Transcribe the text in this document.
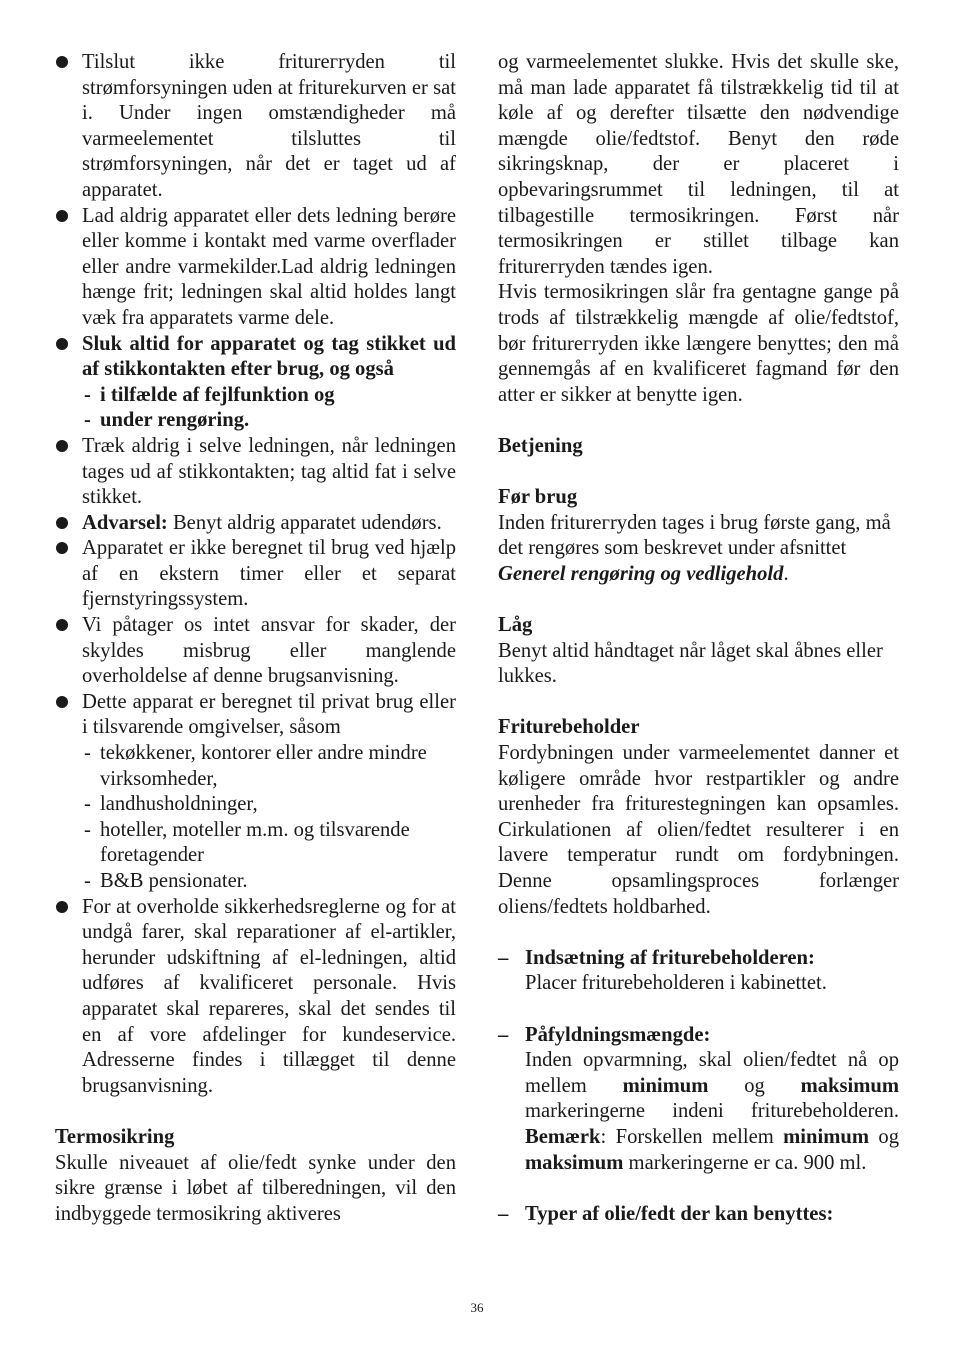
Tilslut ikke friturегryden til strømforsyningen uden at friturekurven er sat i. Under ingen omstændigheder må varmeelementet tilsluttes til strømforsyningen, når det er taget ud af apparatet.

Lad aldrig apparatet eller dets ledning berøre eller komme i kontakt med varme overflader eller andre varmekilder.Lad aldrig ledningen hænge frit; ledningen skal altid holdes langt væk fra apparatets varme dele.

Sluk altid for apparatet og tag stikket ud af stikkontakten efter brug, og også

- i tilfælde af fejlfunktion og

- under rengøring.

Træk aldrig i selve ledningen, når ledningen tages ud af stikkontakten; tag altid fat i selve stikket.

Advarsel: Benyt aldrig apparatet udendørs.

Apparatet er ikke beregnet til brug ved hjælp af en ekstern timer eller et separat fjernstyringssystem.

Vi påtager os intet ansvar for skader, der skyldes misbrug eller manglende overholdelse af denne brugsanvisning.

Dette apparat er beregnet til privat brug eller i tilsvarende omgivelser, såsom

- tekøkkener, kontorer eller andre mindre virksomheder,

- landhusholdninger,

- hoteller, moteller m.m. og tilsvarende foretagender

- B&B pensionater.

For at overholde sikkerhedsreglerne og for at undgå farer, skal reparationer af el-artikler, herunder udskiftning af el-ledningen, altid udføres af kvalificeret personale. Hvis apparatet skal repareres, skal det sendes til en af vore afdelinger for kundeservice. Adresserne findes i tillægget til denne brugsanvisning.

Termosikring

Skulle niveauet af olie/fedt synke under den sikre grænse i løbet af tilberedningen, vil den indbyggede termosikring aktiveres

og varmeelementet slukke. Hvis det skulle ske, må man lade apparatet få tilstrækkelig tid til at køle af og derefter tilsætte den nødvendige mængde olie/fedtstof. Benyt den røde sikringsknap, der er placeret i opbevaringsrummet til ledningen, til at tilbagestille termosikringen. Først når termosikringen er stillet tilbage kan friturегryden tændes igen.

Hvis termosikringen slår fra gentagne gange på trods af tilstrækkelig mængde af olie/fedtstof, bør friturегryden ikke længere benyttes; den må gennemgås af en kvalificeret fagmand før den atter er sikker at benytte igen.

Betjening

Før brug

Inden friturегryden tages i brug første gang, må det rengøres som beskrevet under afsnittet Generel rengøring og vedligehold.

Låg

Benyt altid håndtaget når låget skal åbnes eller lukkes.

Friturebeholder

Fordybningen under varmeelementet danner et køligere område hvor restpartikler og andre urenheder fra friturestegningen kan opsamles. Cirkulationen af olien/fedtet resulterer i en lavere temperatur rundt om fordybningen. Denne opsamlingsproces forlænger oliens/fedtets holdbarhed.

– Indsætning af friturebeholderen:

Placer friturebeholderen i kabinettet.

– Påfyldningsmængde:

Inden opvarmning, skal olien/fedtet nå op mellem minimum og maksimum markeringerne indeni friturebeholderen. Bemærk: Forskellen mellem minimum og maksimum markeringerne er ca. 900 ml.

– Typer af olie/fedt der kan benyttes:

36
